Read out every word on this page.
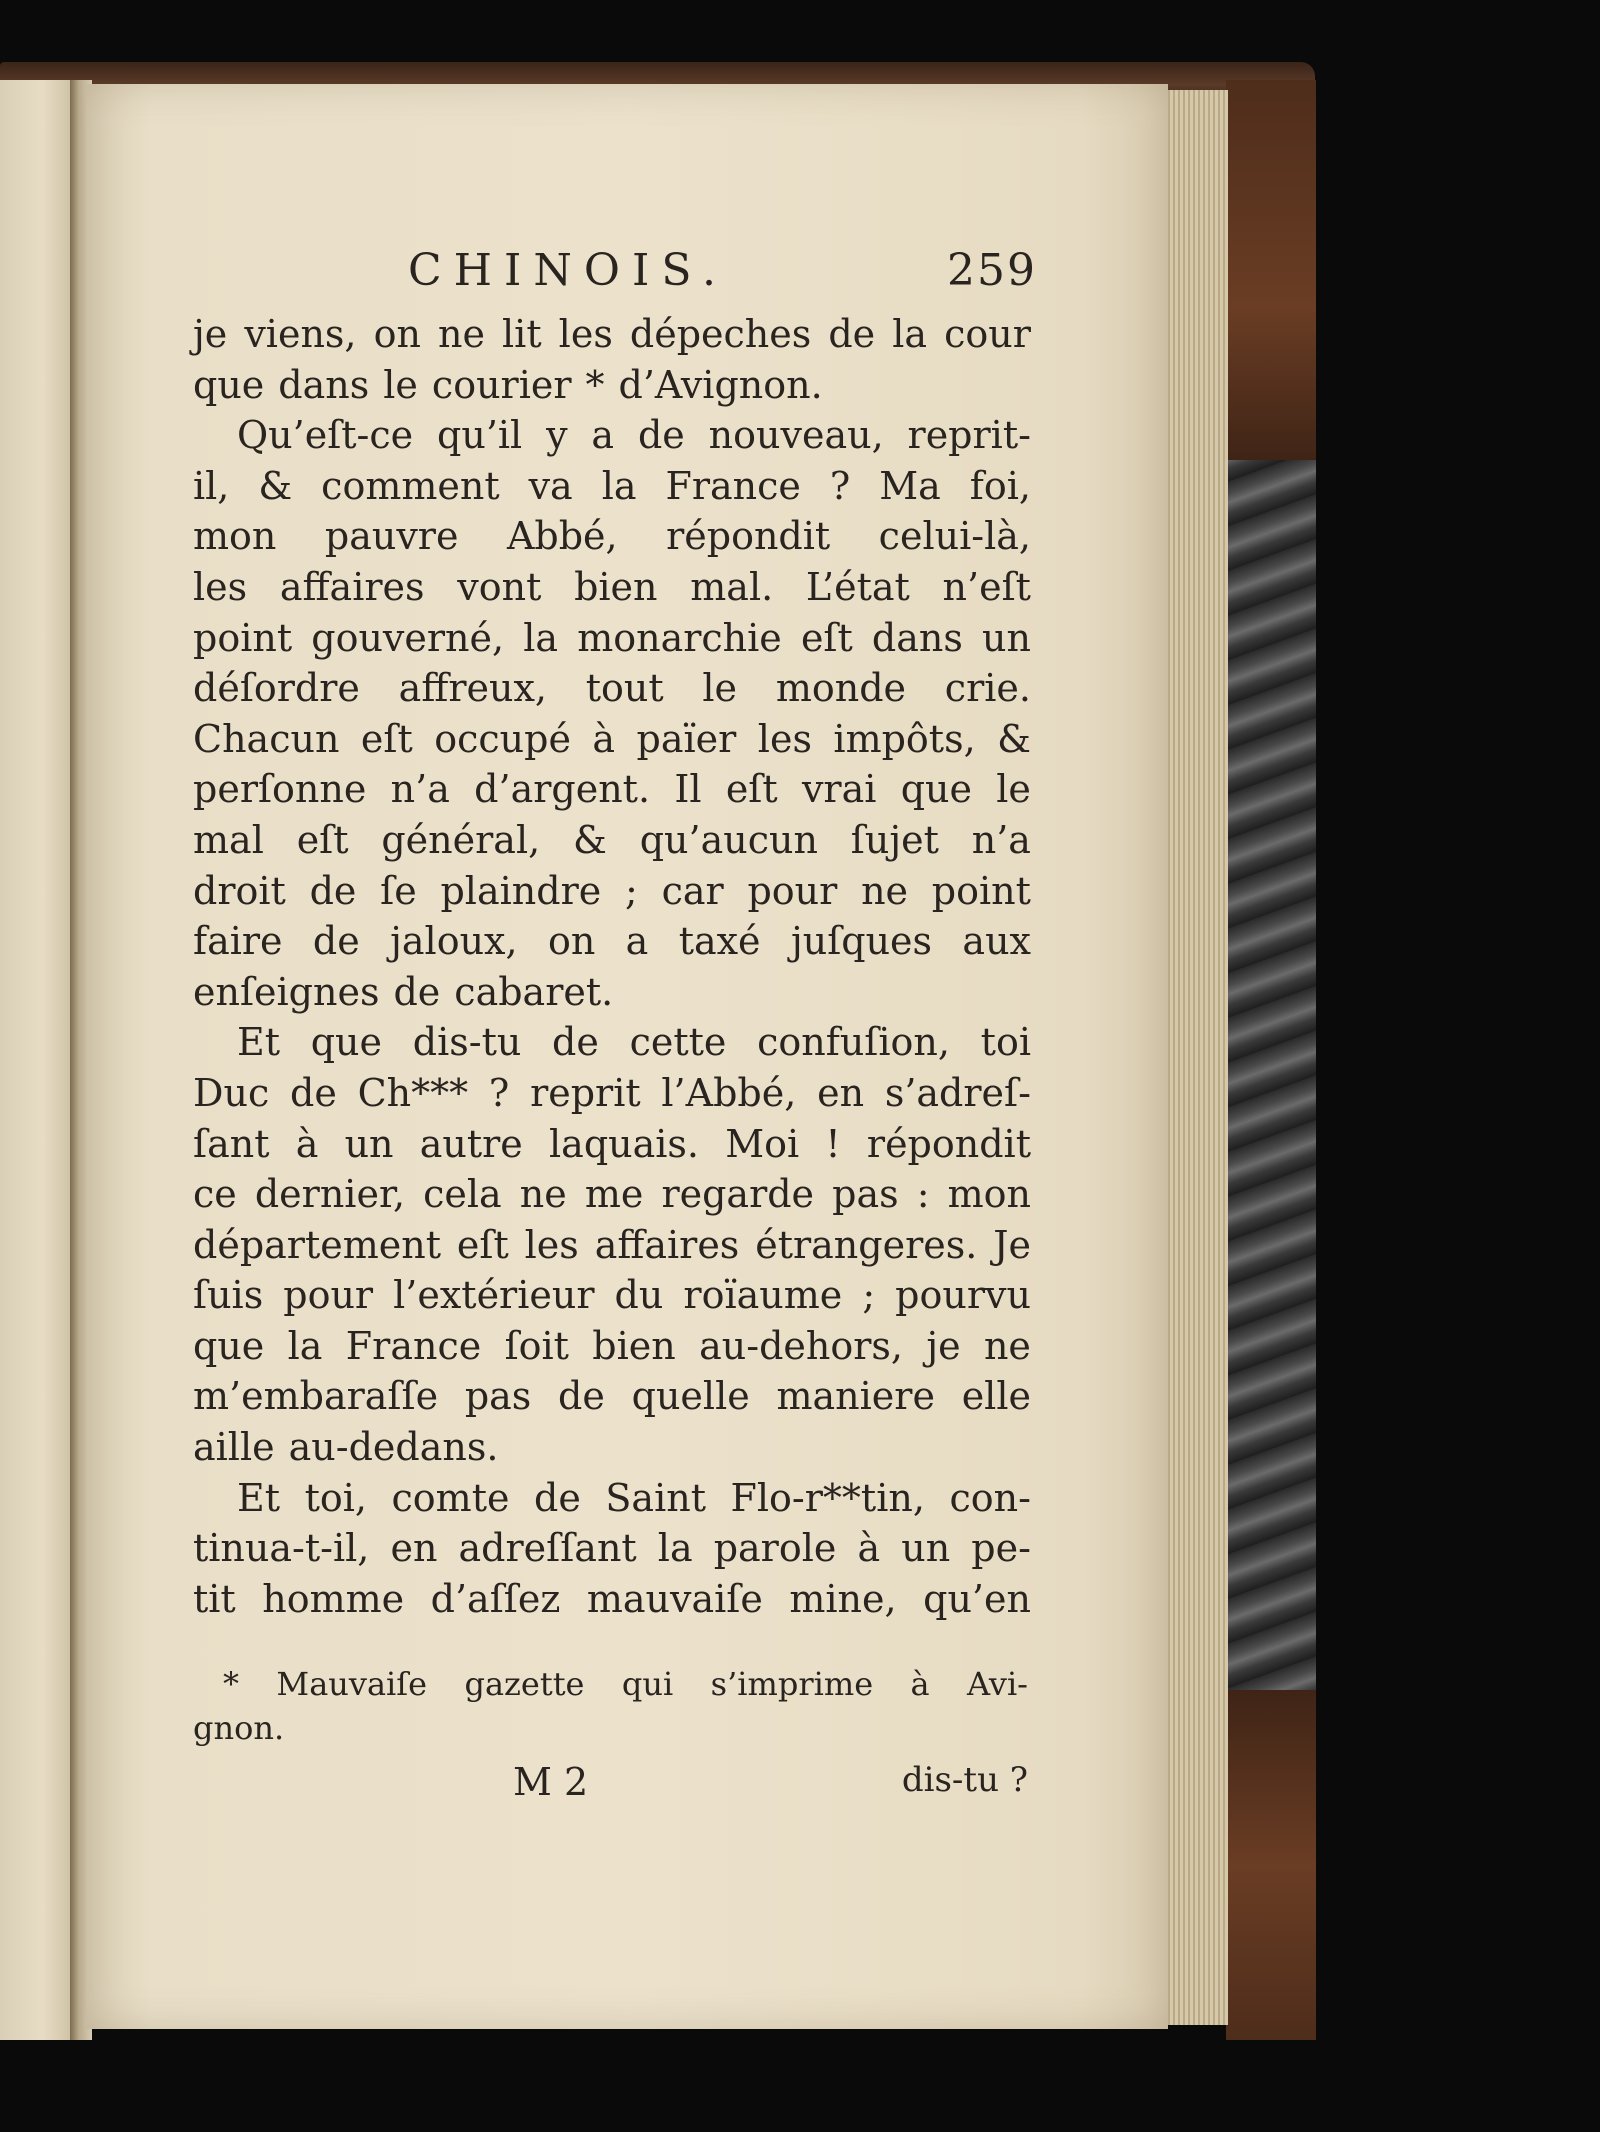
CHINOIS.	259
je viens, on ne lit les dépeches de la cour
que dans le courier * d’Avignon.
Qu’eſt-ce qu’il y a de nouveau, reprit-
il, & comment va la France ? Ma foi,
mon pauvre Abbé, répondit celui-là,
les affaires vont bien mal. L’état n’eſt
point gouverné, la monarchie eſt dans un
déſordre affreux, tout le monde crie.
Chacun eſt occupé à païer les impôts, &
perſonne n’a d’argent. Il eſt vrai que le
mal eſt général, & qu’aucun ſujet n’a
droit de ſe plaindre ; car pour ne point
faire de jaloux, on a taxé juſques aux
enſeignes de cabaret.
Et que dis-tu de cette confuſion, toi
Duc de Ch*** ? reprit l’Abbé, en s’adreſ-
ſant à un autre laquais. Moi ! répondit
ce dernier, cela ne me regarde pas : mon
département eſt les affaires étrangeres. Je
ſuis pour l’extérieur du roïaume ; pourvu
que la France ſoit bien au-dehors, je ne
m’embaraſſe pas de quelle maniere elle
aille au-dedans.
Et toi, comte de Saint Flo-r**tin, con-
tinua-t-il, en adreſſant la parole à un pe-
tit homme d’aſſez mauvaiſe mine, qu’en
* Mauvaiſe gazette qui s’imprime à Avi-
gnon.
M 2	dis-tu ?
